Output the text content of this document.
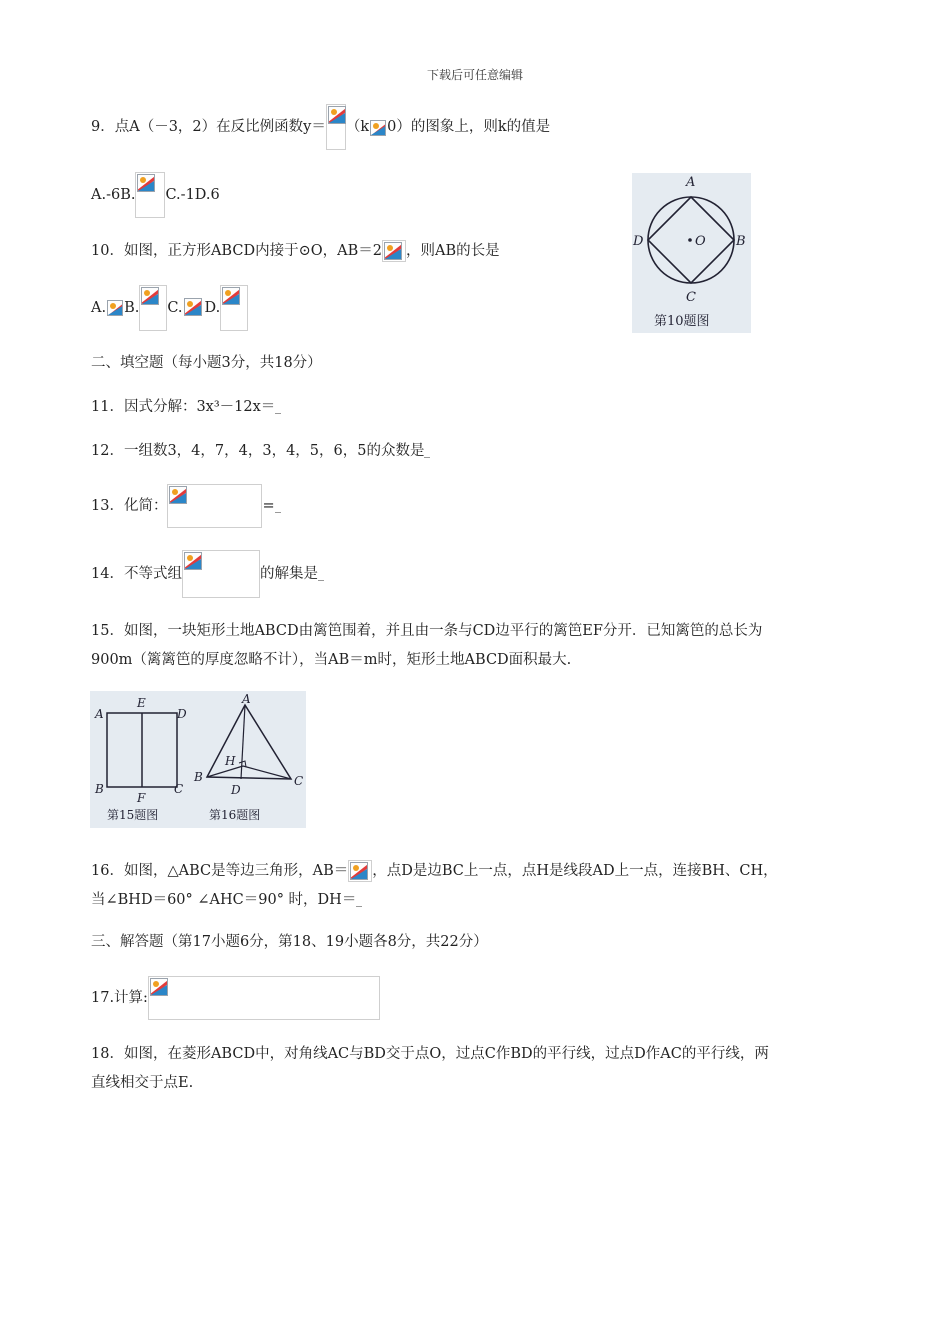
下载后可任意编辑
9．点A（－3，2）在反比例函数y＝ （k 0）的图象上，则k的值是
A.-6B. C.-1D.6
10．如图，正方形ABCD内接于⊙O，AB＝2 ，则AB的长是
A. B. C. D.
A
B
C
D	O
第10题图
二、填空题（每小题3分，共18分）
11．因式分解：3x³－12x＝
12．一组数3，4，7，4，3，4，5，6，5的众数是
13．化简：	=
14．不等式组	的解集是
15．如图，一块矩形土地ABCD由篱笆围着，并且由一条与CD边平行的篱笆EF分开．已知篱笆的总长为
900m（篱篱笆的厚度忽略不计），当AB＝m时，矩形土地ABCD面积最大.
A
E
D
B
F
C
第15题图
A
H
B
D
C
第16题图
16．如图，△ABC是等边三角形，AB＝ ，点D是边BC上一点，点H是线段AD上一点，连接BH、CH，
当∠BHD＝60° ∠AHC＝90° 时，DH＝
三、解答题（第17小题6分，第18、19小题各8分，共22分）
17.计算:
18．如图，在菱形ABCD中，对角线AC与BD交于点O，过点C作BD的平行线，过点D作AC的平行线，两
直线相交于点E.
